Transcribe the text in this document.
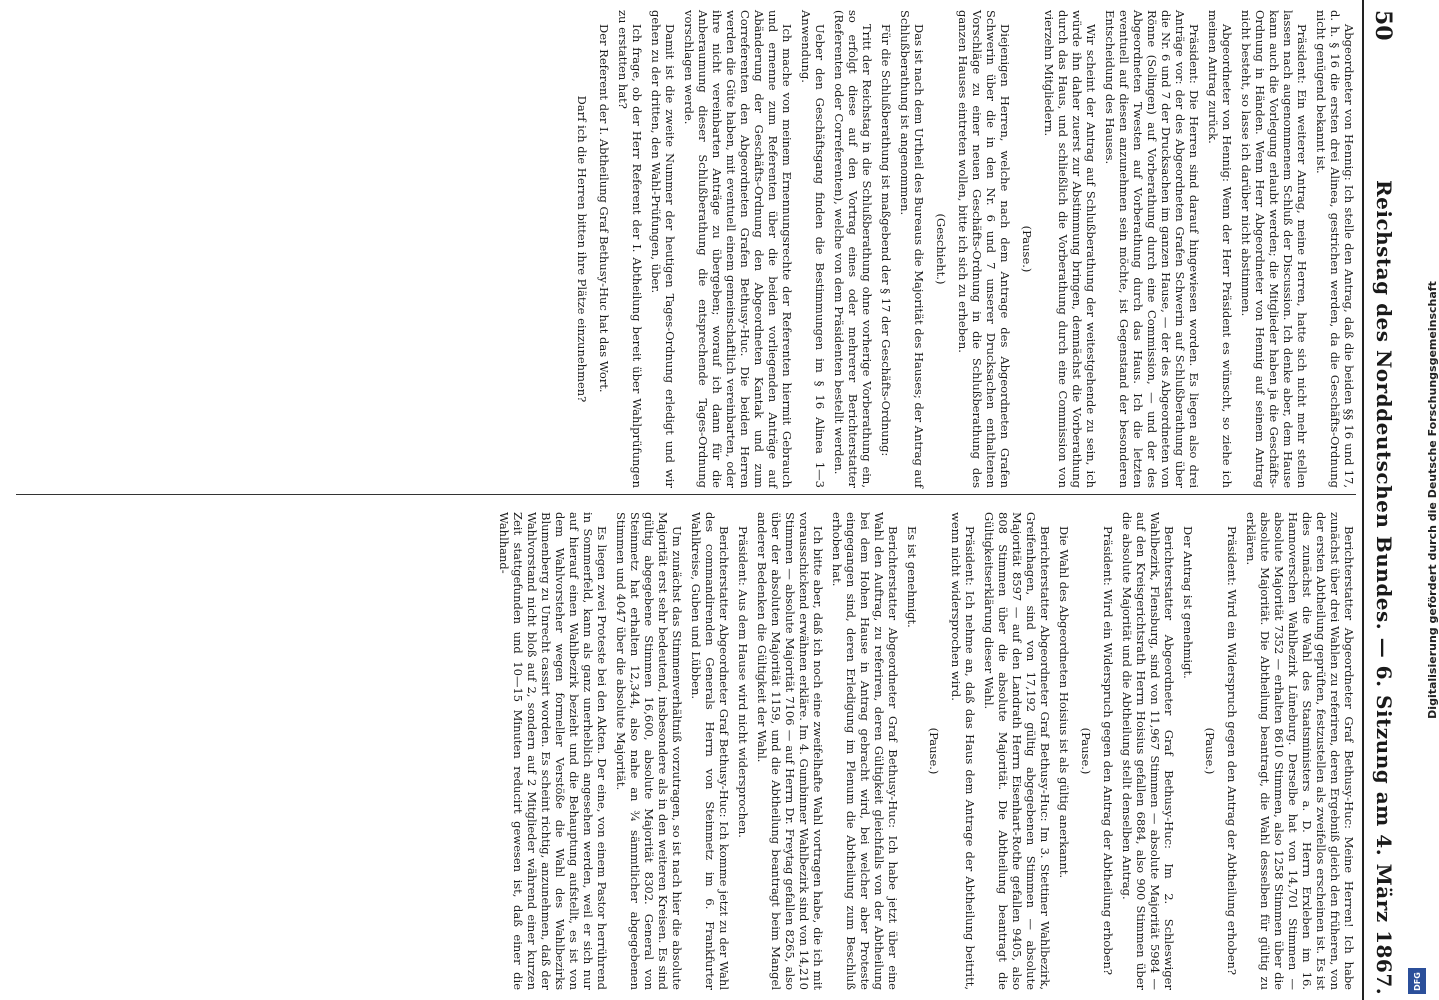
50
Reichstag des Norddeutschen Bundes. — 6. Sitzung am 4. März 1867.

Abgeordneter von Hennig: Ich stelle den Antrag, daß die beiden §§ 16 und 17, d. h. § 16 die ersten drei Alinea, gestrichen werden, da die Geschäfts-Ordnung nicht genügend bekannt ist.

Präsident: Ein weiterer Antrag, meine Herren, hatte sich nicht mehr stellen lassen nach augenommenem Schluß der Discussion. Ich denke aber, dem Hause kann auch die Vorlegung erlaubt werden; die Mitglieder haben ja die Geschäfts-Ordnung in Händen. Wenn Herr Abgeordneter von Hennig auf seinem Antrag nicht besteht, so lasse ich darüber nicht abstimmen.

Abgeordneter von Hennig: Wenn der Herr Präsident es wünscht, so ziehe ich meinen Antrag zurück.

Präsident: Die Herren sind darauf hingewiesen worden. Es liegen also drei Anträge vor: der des Abgeordneten Grafen Schwerin auf Schlußberathung über die Nr. 6 und 7 der Drucksachen im ganzen Hause, — der des Abgeordneten von Rönne (Solingen) auf Vorberathung durch eine Commission, — und der des Abgeordneten Twesten auf Vorberathung durch das Haus. Ich die letzten eventuell auf diesen anzunehmen sein möchte, ist Gegenstand der besonderen Entscheidung des Hauses.

Wir scheint der Antrag auf Schlußberathung der weitestgehende zu sein, ich würde ihn daher zuerst zur Abstimmung bringen, demnächst die Vorberathung durch das Haus, und schließlich die Vorberathung durch eine Commission von vierzehn Mitgliedern.

(Pause.)

Diejenigen Herren, welche nach dem Antrage des Abgeordneten Grafen Schwerin über die in den Nr. 6 und 7 unserer Drucksachen enthaltenen Vorschläge zu einer neuen Geschäfts-Ordnung in die Schlußberathung des ganzen Hauses eintreten wollen, bitte ich sich zu erheben.

(Geschieht.)

Das ist nach dem Urtheil des Bureaus die Majorität des Hauses; der Antrag auf Schlußberathung ist angenommen.

Für die Schlußberathung ist maßgebend der § 17 der Geschäfts-Ordnung:

Tritt der Reichstag in die Schlußberathung ohne vorherige Vorberathung ein, so erfolgt diese auf den Vortrag eines oder mehrerer Berichterstatter (Referenten oder Correferenten), welche von dem Präsidenten bestellt werden.

Ueber den Geschäftsgang finden die Bestimmungen im § 16 Alinea 1—3 Anwendung.

Ich mache von meinem Ernennungsrechte der Referenten hiermit Gebrauch und ernenne zum Referenten über die beiden vorliegenden Anträge auf Abänderung der Geschäfts-Ordnung den Abgeordneten Kantak und zum Correferenten den Abgeordneten Grafen Bethusy-Huc. Die beiden Herren werden die Güte haben, mit eventuell einem gemeinschaftlich vereinbarten, oder ihre nicht vereinbarten Anträge zu übergeben; worauf ich dann für die Anberaumung dieser Schlußberathung die entsprechende Tages-Ordnung vorschlagen werde.

Damit ist die zweite Nummer der heutigen Tages-Ordnung erledigt und wir gehen zu der dritten, den Wahl-Prüfungen, über.

Ich frage, ob der Herr Referent der I. Abtheilung bereit über Wahlprüfungen zu erstatten hat?

Der Referent der I. Abtheilung Graf Bethusy-Huc hat das Wort.

Darf ich die Herren bitten ihre Plätze einzunehmen?

Berichterstatter Abgeordneter Graf Bethusy-Huc: Meine Herren! Ich habe zunächst über drei Wahlen zu referiren, deren Ergebniß gleich den früheren, von der ersten Abtheilung geprüften, festzustellen als zweifellos erscheinen ist. Es ist dies zunächst die Wahl des Staatsministers a. D. Herrn Erxleben im 16. Hannoverschen Wahlbezirk Lüneburg. Derselbe hat von 14,701 Stimmen — absolute Majorität 7352 — erhalten 8610 Stimmen, also 1258 Stimmen über die absolute Majorität. Die Abtheilung beantragt, die Wahl desselben für gültig zu erklären.

Präsident: Wird ein Widerspruch gegen den Antrag der Abtheilung erhoben?

(Pause.)

Der Antrag ist genehmigt.

Berichterstatter Abgeordneter Graf Bethusy-Huc: Im 2. Schleswiger Wahlbezirk, Flensburg, sind von 11,967 Stimmen — absolute Majorität 5984 — auf den Kreisgerichtsrath Herrn Hoisius gefallen 6884, also 900 Stimmen über die absolute Majorität und die Abtheilung stellt denselben Antrag.

Präsident: Wird ein Widerspruch gegen den Antrag der Abtheilung erhoben?

(Pause.)

Die Wahl des Abgeordneten Hoisius ist als gültig anerkannt.

Berichterstatter Abgeordneter Graf Bethusy-Huc: Im 3. Stettiner Wahlbezirk, Greifenhagen, sind von 17,192 gültig abgegebenen Stimmen — absolute Majorität 8597 — auf den Landrath Herrn Eisenhart-Rothe gefallen 9405, also 808 Stimmen über die absolute Majorität. Die Abtheilung beantragt die Gültigkeitserklärung dieser Wahl.

Präsident: Ich nehme an, daß das Haus dem Antrage der Abtheilung beitritt, wenn nicht widersprochen wird.

(Pause.)

Es ist genehmigt.

Berichterstatter Abgeordneter Graf Bethusy-Huc: Ich habe jetzt über eine Wahl den Auftrag, zu referiren, deren Gültigkeit gleichfalls von der Abtheilung bei dem Hohen Hause in Antrag gebracht wird, bei welcher aber Proteste eingegangen sind, deren Erledigung im Plenum die Abtheilung zum Beschluß erhoben hat.

Ich bitte aber, daß ich noch eine zweifelhafte Wahl vortragen habe, die ich mit vorausschickend erwähnen erkläre. Im 4. Gumbinner Wahlbezirk sind von 14,210 Stimmen — absolute Majorität 7106 — auf Herrn Dr. Freytag gefallen 8265, also über der absoluten Majorität 1159, und die Abtheilung beantragt beim Mangel anderer Bedenken die Gültigkeit der Wahl.

Präsident: Aus dem Hause wird nicht widersprochen.

Berichterstatter Abgeordneter Graf Bethusy-Huc: Ich komme jetzt zu der Wahl des commandirenden Generals Herrn von Steinmetz im 6. Frankfurter Wahlkreise, Guben und Lübben.

Um zunächst das Stimmenverhältniß vorzutragen, so ist nach hier die absolute Majorität erst sehr bedeutend, insbesondere als in den weiteren Kreisen. Es sind gültig abgegebene Stimmen 16,600, absolute Majorität 8302. General von Steinmetz hat erhalten 12,344, also nahe an ¾ sämmtlicher abgegebenen Stimmen und 4047 über die absolute Majorität.

Es liegen zwei Proteste bei den Akten. Der eine, von einem Pastor herrührend in Sommerfeld, kann als ganz unerheblich angesehen werden, weil er sich nur auf hierauf einen Wahlbezirk bezieht und die Behauptung aufstellt, es ist von dem Wahlvorsteher wegen formeller Verstöße die Wahl des Wahlbezirks Blumenberg zu Unrecht cassirt worden. Es scheint richtig, anzunehmen, daß der Wahlvorstand nicht bloß auf 2, sondern auf 2 Mitglieder während einer kurzen Zeit stattgefunden und 10—15 Minuten reducirt gewesen ist, daß einer die Wahlhand-	Digitalisierung gefördert durch die Deutsche Forschungsgemeinschaft
DFG
